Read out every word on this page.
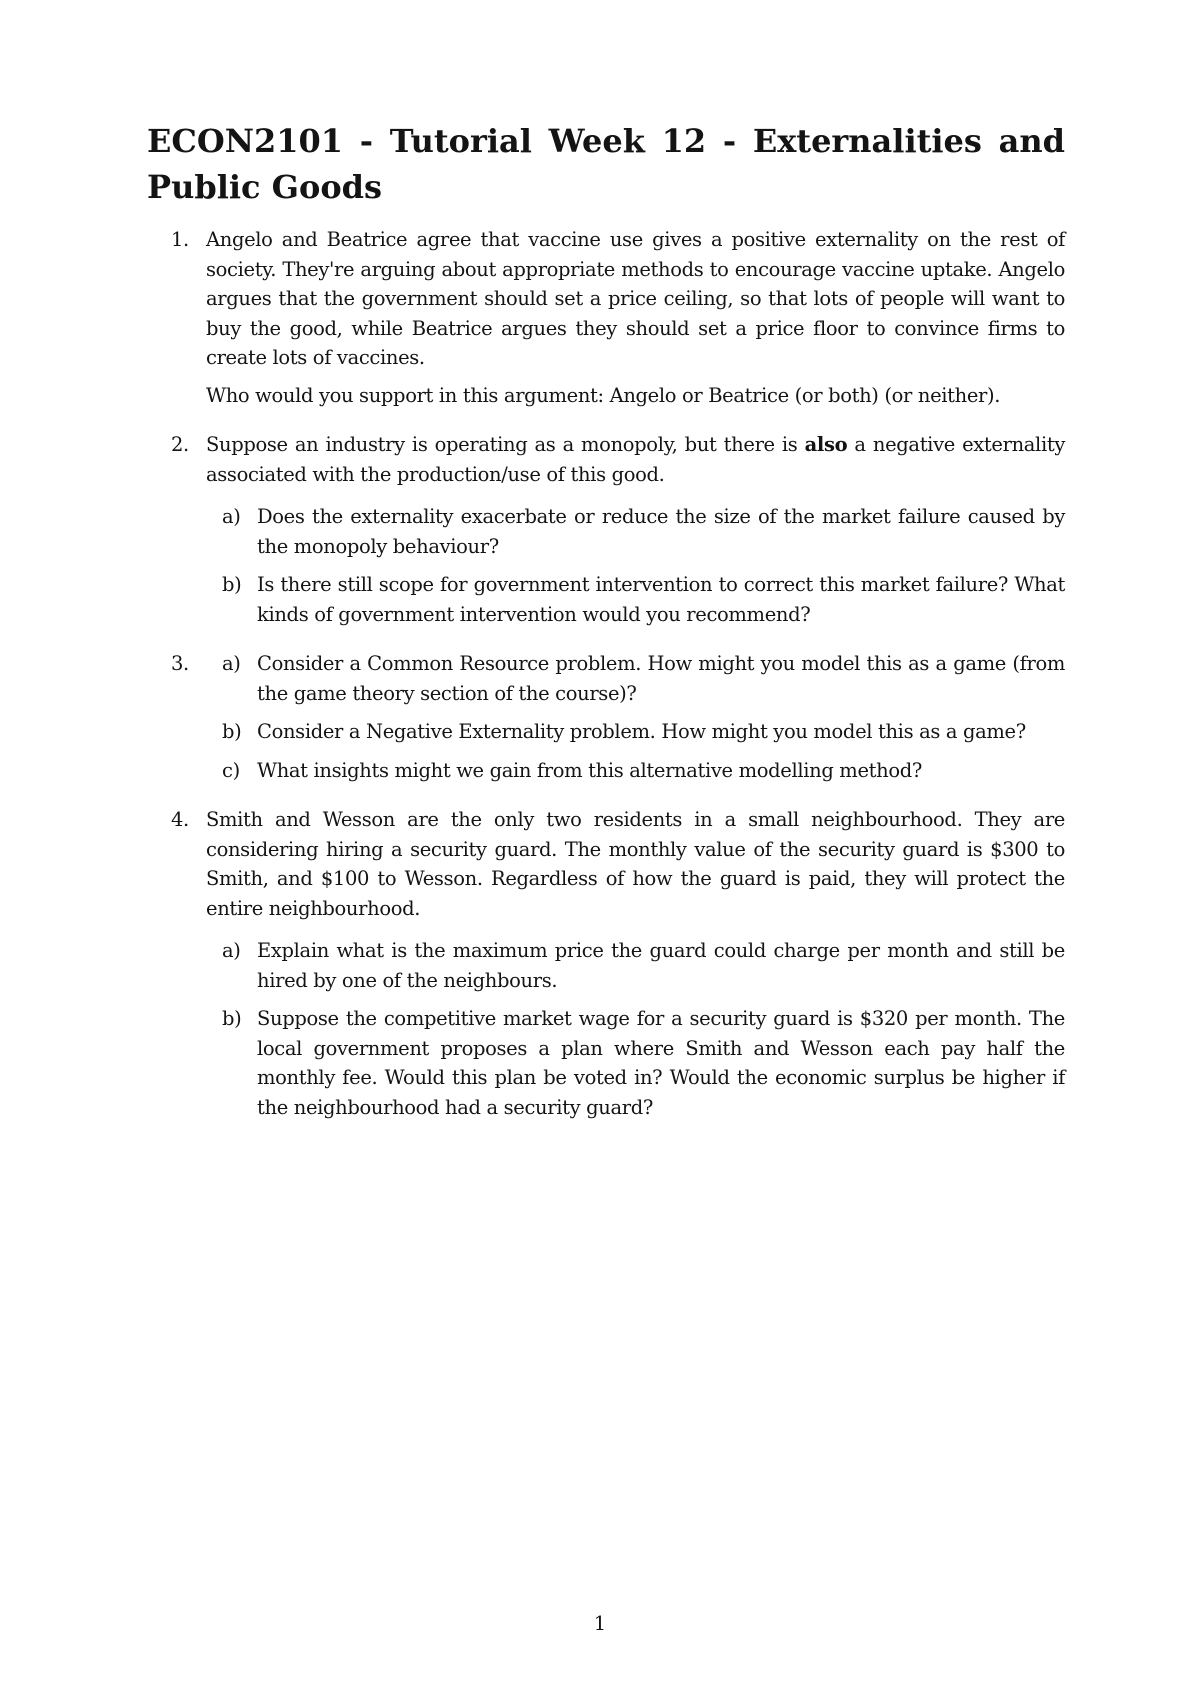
ECON2101 - Tutorial Week 12 - Externalities and Public Goods
1. Angelo and Beatrice agree that vaccine use gives a positive externality on the rest of society. They're arguing about appropriate methods to encourage vaccine uptake. Angelo argues that the government should set a price ceiling, so that lots of people will want to buy the good, while Beatrice argues they should set a price floor to convince firms to create lots of vaccines.

Who would you support in this argument: Angelo or Beatrice (or both) (or neither).

2. Suppose an industry is operating as a monopoly, but there is also a negative externality associated with the production/use of this good.

a) Does the externality exacerbate or reduce the size of the market failure caused by the monopoly behaviour?
b) Is there still scope for government intervention to correct this market failure? What kinds of government intervention would you recommend?
3. a) Consider a Common Resource problem. How might you model this as a game (from the game theory section of the course)?
b) Consider a Negative Externality problem. How might you model this as a game?
c) What insights might we gain from this alternative modelling method?
4. Smith and Wesson are the only two residents in a small neighbourhood. They are considering hiring a security guard. The monthly value of the security guard is $300 to Smith, and $100 to Wesson. Regardless of how the guard is paid, they will protect the entire neighbourhood.

a) Explain what is the maximum price the guard could charge per month and still be hired by one of the neighbours.
b) Suppose the competitive market wage for a security guard is $320 per month. The local government proposes a plan where Smith and Wesson each pay half the monthly fee. Would this plan be voted in? Would the economic surplus be higher if the neighbourhood had a security guard?
1
